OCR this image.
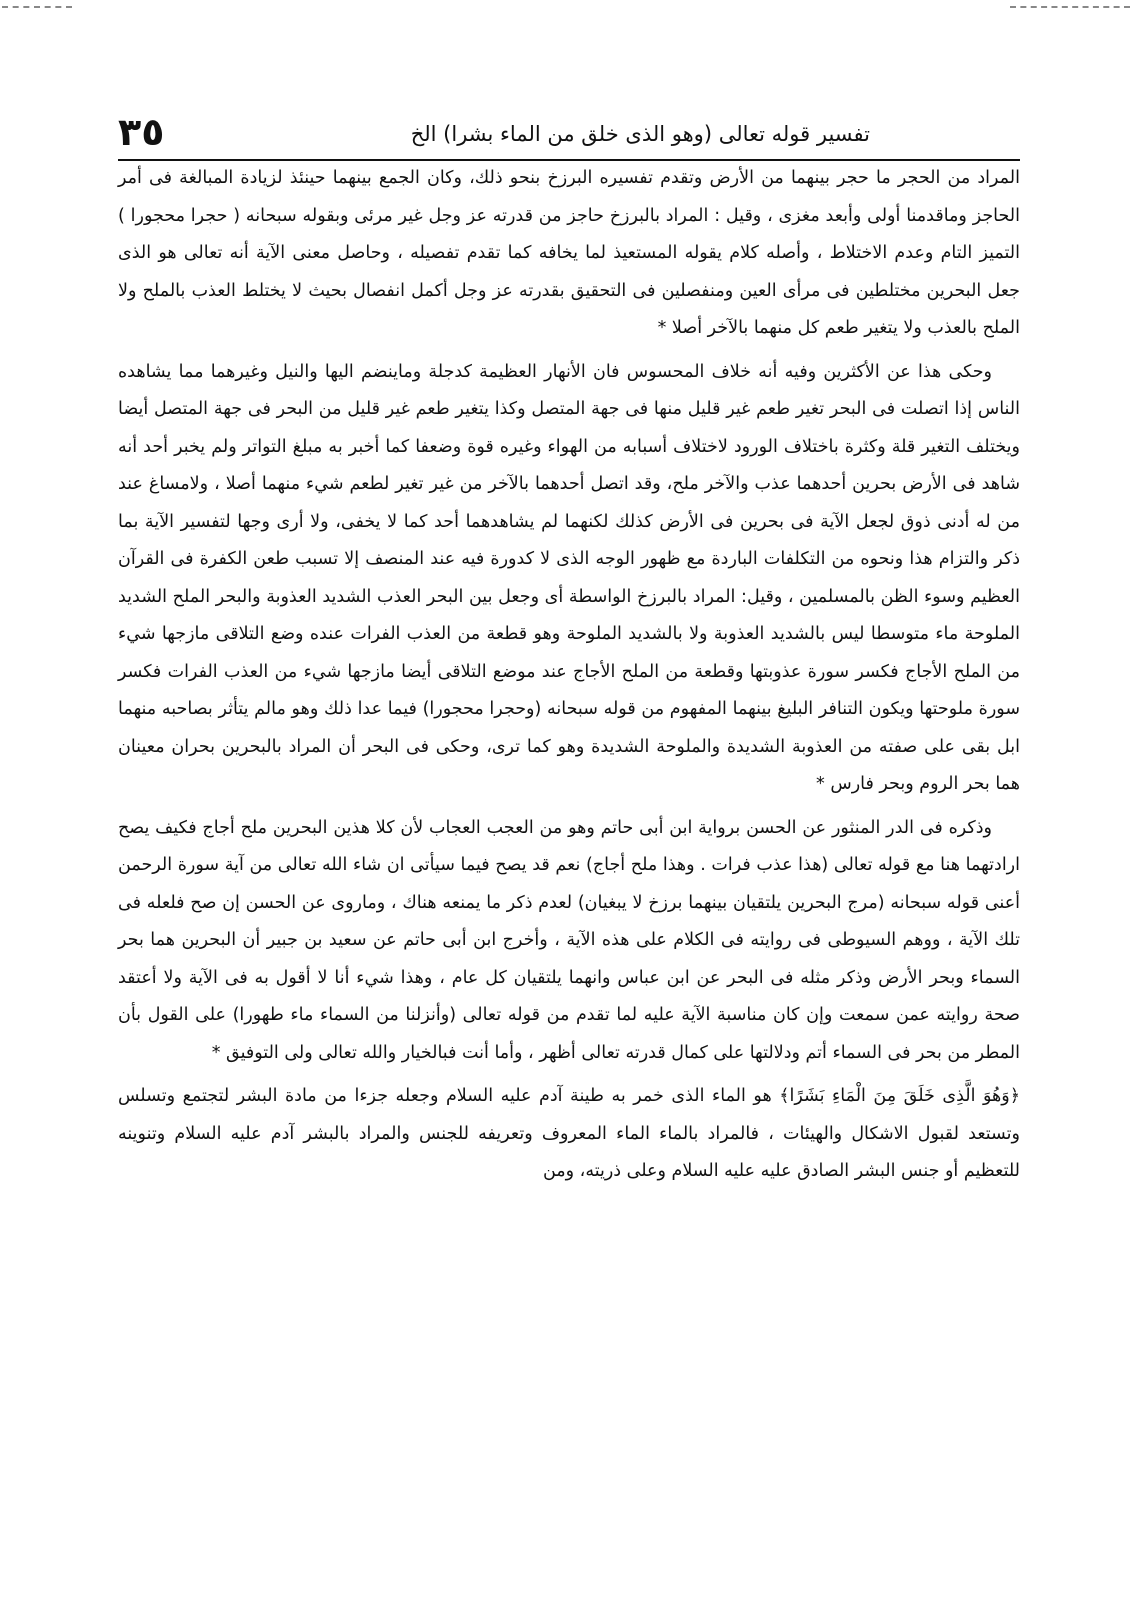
تفسير قوله تعالى (وهو الذى خلق من الماء بشرا) الخ
٣٥

المراد من الحجر ما حجر بينهما من الأرض وتقدم تفسيره البرزخ بنحو ذلك، وكان الجمع بينهما حينئذ لزيادة المبالغة فى أمر الحاجز وماقدمنا أولى وأبعد مغزى ، وقيل : المراد بالبرزخ حاجز من قدرته عز وجل غير مرئى وبقوله سبحانه ( حجرا محجورا ) التميز التام وعدم الاختلاط ، وأصله كلام يقوله المستعيذ لما يخافه كما تقدم تفصيله ، وحاصل معنى الآية أنه تعالى هو الذى جعل البحرين مختلطين فى مرأى العين ومنفصلين فى التحقيق بقدرته عز وجل أكمل انفصال بحيث لا يختلط العذب بالملح ولا الملح بالعذب ولا يتغير طعم كل منهما بالآخر أصلا *

وحكى هذا عن الأكثرين وفيه أنه خلاف المحسوس فان الأنهار العظيمة كدجلة وماينضم اليها والنيل وغيرهما مما يشاهده الناس إذا اتصلت فى البحر تغير طعم غير قليل منها فى جهة المتصل وكذا يتغير طعم غير قليل من البحر فى جهة المتصل أيضا ويختلف التغير قلة وكثرة باختلاف الورود لاختلاف أسبابه من الهواء وغيره قوة وضعفا كما أخبر به مبلغ التواتر ولم يخبر أحد أنه شاهد فى الأرض بحرين أحدهما عذب والآخر ملح، وقد اتصل أحدهما بالآخر من غير تغير لطعم شيء منهما أصلا ، ولامساغ عند من له أدنى ذوق لجعل الآية فى بحرين فى الأرض كذلك لكنهما لم يشاهدهما أحد كما لا يخفى، ولا أرى وجها لتفسير الآية بما ذكر والتزام هذا ونحوه من التكلفات الباردة مع ظهور الوجه الذى لا كدورة فيه عند المنصف إلا تسبب طعن الكفرة فى القرآن العظيم وسوء الظن بالمسلمين ، وقيل: المراد بالبرزخ الواسطة أى وجعل بين البحر العذب الشديد العذوبة والبحر الملح الشديد الملوحة ماء متوسطا ليس بالشديد العذوبة ولا بالشديد الملوحة وهو قطعة من العذب الفرات عنده وضع التلاقى مازجها شيء من الملح الأجاج فكسر سورة عذوبتها وقطعة من الملح الأجاج عند موضع التلاقى أيضا مازجها شيء من العذب الفرات فكسر سورة ملوحتها ويكون التنافر البليغ بينهما المفهوم من قوله سبحانه (وحجرا محجورا) فيما عدا ذلك وهو مالم يتأثر بصاحبه منهما ابل بقى على صفته من العذوبة الشديدة والملوحة الشديدة وهو كما ترى، وحكى فى البحر أن المراد بالبحرين بحران معينان هما بحر الروم وبحر فارس *

وذكره فى الدر المنثور عن الحسن برواية ابن أبى حاتم وهو من العجب العجاب لأن كلا هذين البحرين ملح أجاج فكيف يصح ارادتهما هنا مع قوله تعالى (هذا عذب فرات . وهذا ملح أجاج) نعم قد يصح فيما سيأتى ان شاء الله تعالى من آية سورة الرحمن أعنى قوله سبحانه (مرج البحرين يلتقيان بينهما برزخ لا يبغيان) لعدم ذكر ما يمنعه هناك ، وماروى عن الحسن إن صح فلعله فى تلك الآية ، ووهم السيوطى فى روايته فى الكلام على هذه الآية ، وأخرج ابن أبى حاتم عن سعيد بن جبير أن البحرين هما بحر السماء وبحر الأرض وذكر مثله فى البحر عن ابن عباس وانهما يلتقيان كل عام ، وهذا شيء أنا لا أقول به فى الآية ولا أعتقد صحة روايته عمن سمعت وإن كان مناسبة الآية عليه لما تقدم من قوله تعالى (وأنزلنا من السماء ماء طهورا) على القول بأن المطر من بحر فى السماء أتم ودلالتها على كمال قدرته تعالى أظهر ، وأما أنت فبالخيار والله تعالى ولى التوفيق *

﴿وَهُوَ الَّذِى خَلَقَ مِنَ الْمَاءِ بَشَرًا﴾ هو الماء الذى خمر به طينة آدم عليه السلام وجعله جزءا من مادة البشر لتجتمع وتسلس وتستعد لقبول الاشكال والهيئات ، فالمراد بالماء الماء المعروف وتعريفه للجنس والمراد بالبشر آدم عليه السلام وتنوينه للتعظيم أو جنس البشر الصادق عليه عليه السلام وعلى ذريته، ومن
